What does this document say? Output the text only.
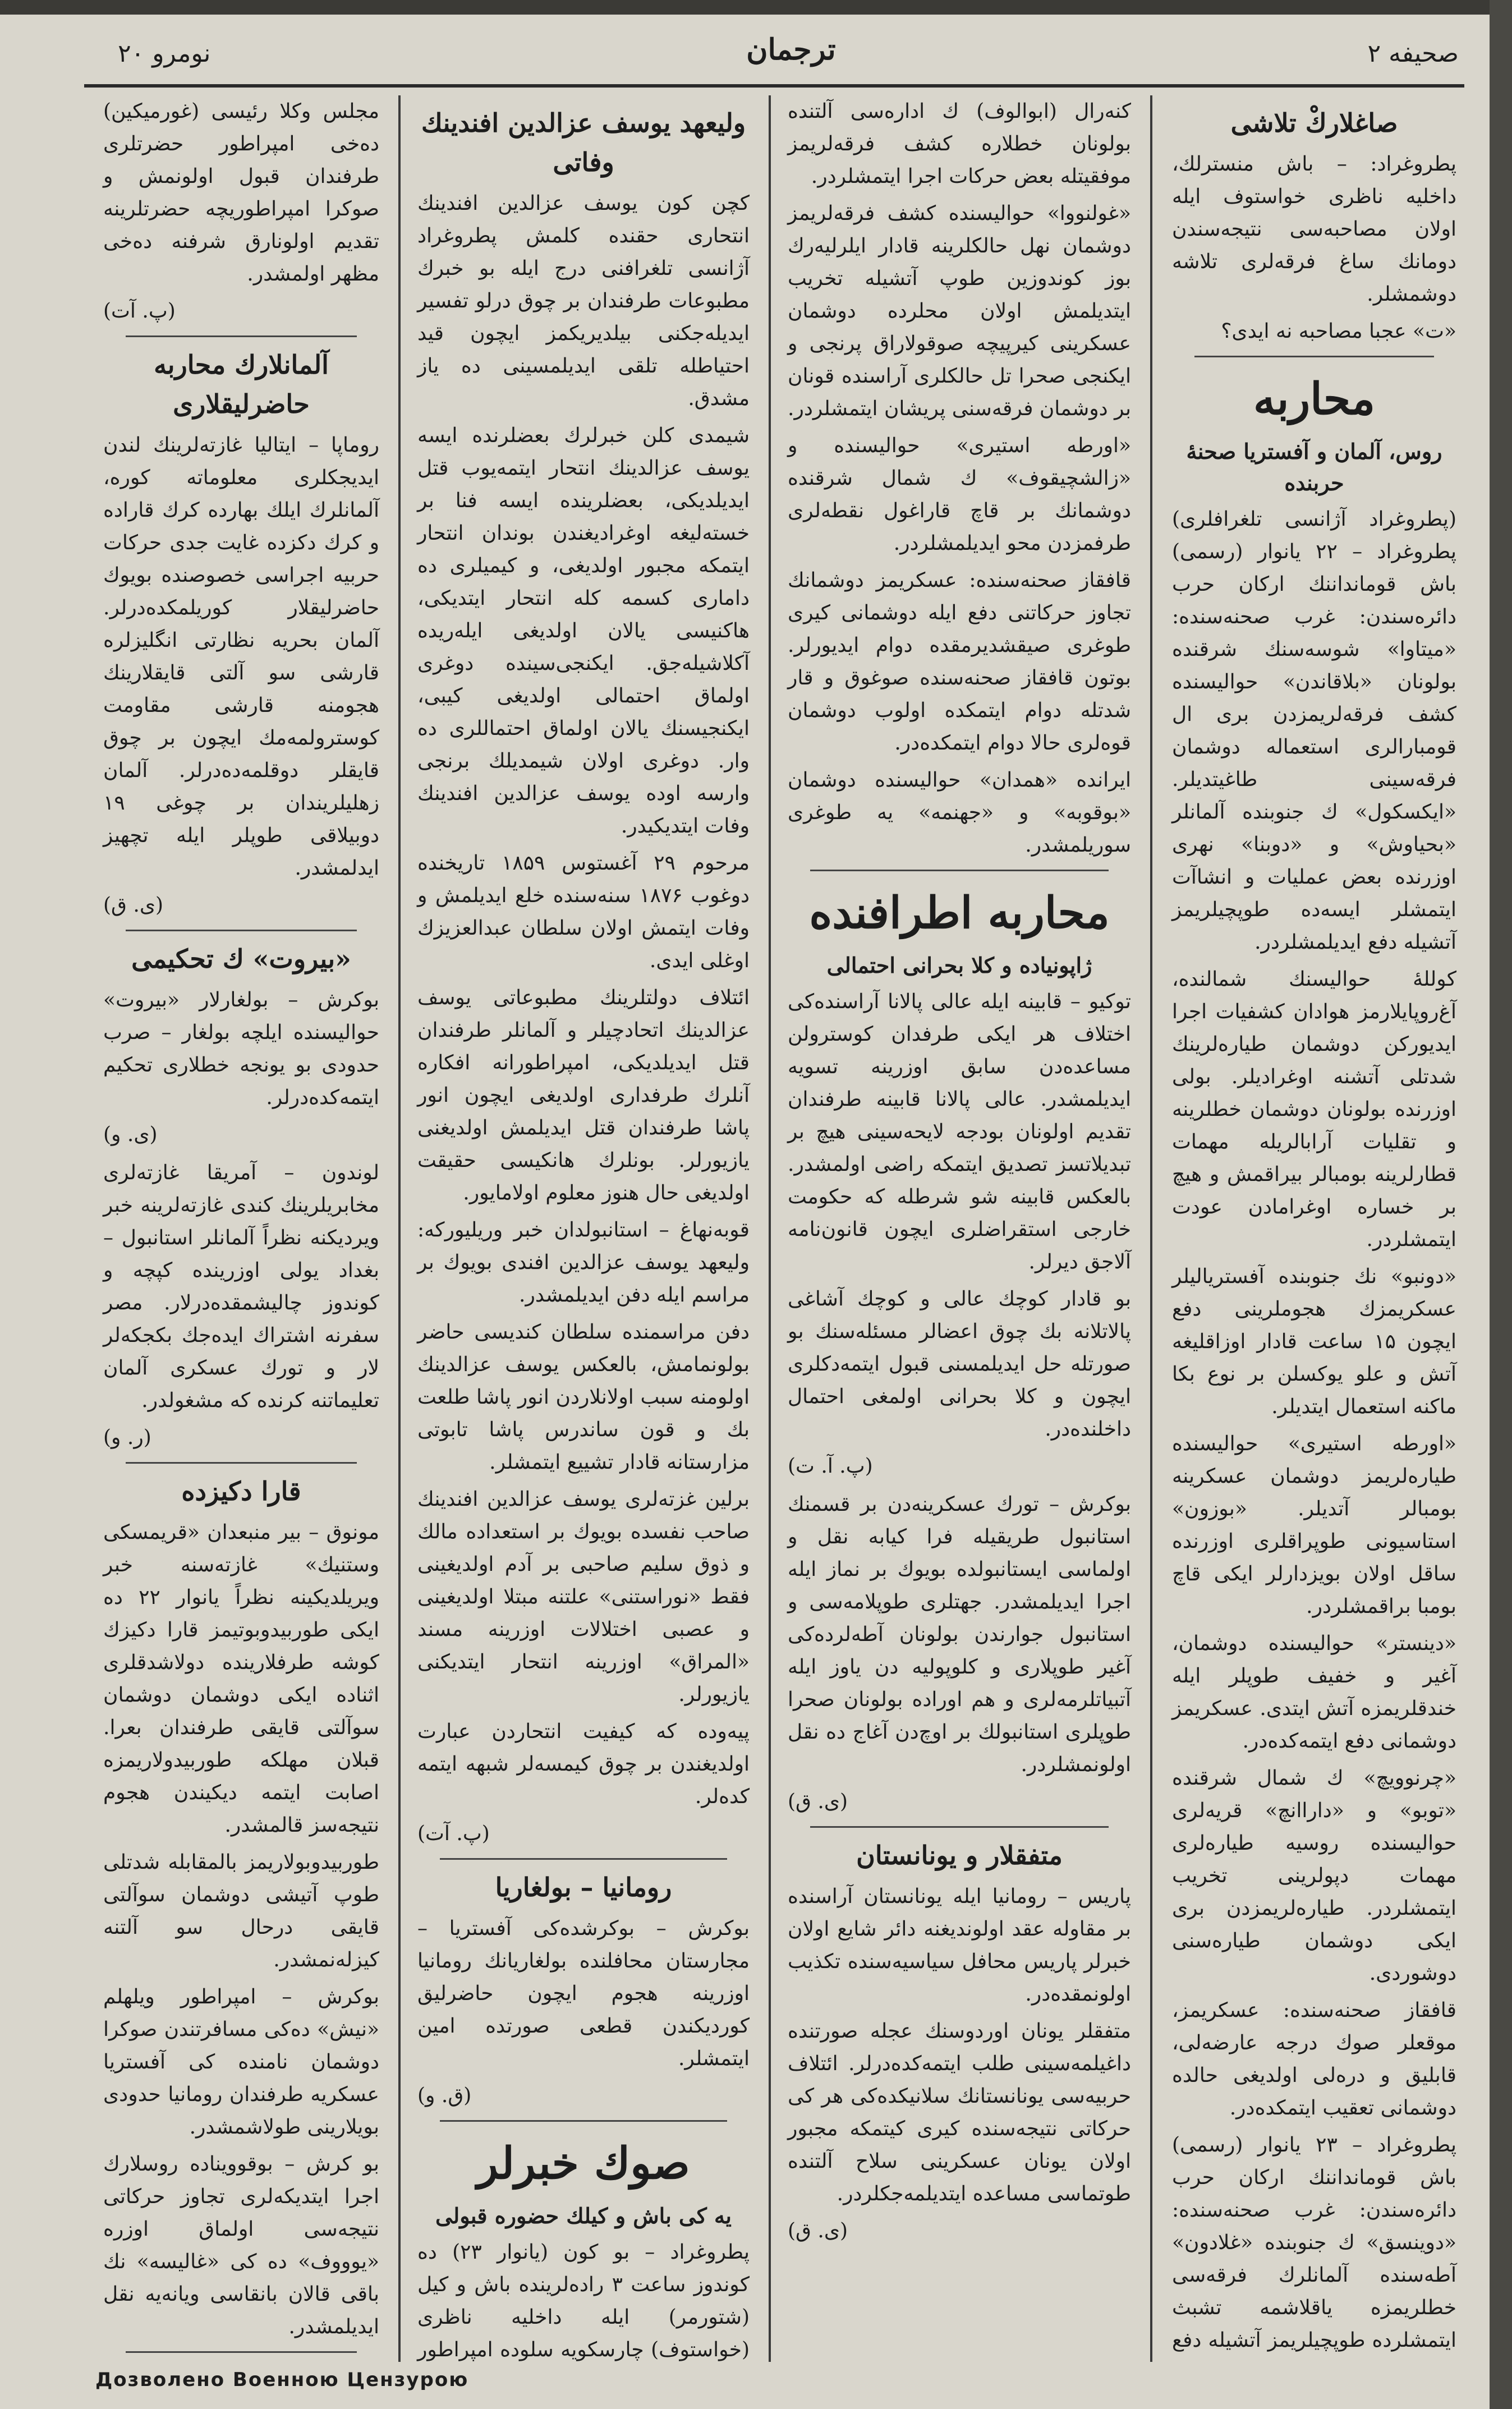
نومرو ۲۰	ترجمان	صحیفه ۲
صاغلاركْ تلاشی
پطروغراد: – باش منسترلك، داخلیه ناظری خواستوف ایله اولان مصاحبه‌سی نتیجه‌سندن دومانك ساغ فرقه‌لری تلاشه دوشمشلر.
«ت» عجبا مصاحبه نه ایدی؟
محاربه
روس، آلمان و آفستریا صحنهٔ حربنده
(پطروغراد آژانسی تلغرافلری) پطروغراد – ۲۲ یانوار (رسمی) باش قومانداننك ارکان حرب دائره‌سندن: غرب صحنه‌سنده: «میتاوا» شوسه‌سنك شرقنده بولونان «بلاقاندن» حوالیسنده کشف فرقه‌لریمزدن بری ال قومبارالری استعماله دوشمان فرقه‌سینی طاغیتدیلر. «ایکسکول» ك جنوبنده آلمانلر «بحیاوش» و «دوبنا» نهری اوزرنده بعض عملیات و انشاآت ایتمشلر ایسه‌ده طوپچیلریمز آتشیله دفع ایدیلمشلردر.
کوللهٔ حوالیسنك شمالنده، آغ‌روپایلارمز هوادان کشفیات اجرا ایدیورکن دوشمان طیاره‌لرینك شدتلی آتشنه اوغرادیلر. بولی اوزرنده بولونان دوشمان خطلرینه و تقلیات آرابالریله مهمات قطارلرینه بومبالر بیراقمش و هیچ بر خساره اوغرامادن عودت ایتمشلردر.
«دونبو» نك جنوبنده آفستریالیلر عسکریمزك هجوملرینی دفع ایچون ۱۵ ساعت قادار اوزاقلیغه آتش و علو یوکسلن بر نوع بکا ماکنه استعمال ایتدیلر.
«اورطه استیری» حوالیسنده طیاره‌لریمز دوشمان عسکرینه بومبالر آتدیلر. «بوزون» استاسیونی طوپراقلری اوزرنده ساقل اولان بویزدارلر ایکی قاچ بومبا براقمشلردر.
«دینستر» حوالیسنده دوشمان، آغیر و خفیف طوپلر ایله خندقلریمزه آتش ایتدی. عسکریمز دوشمانی دفع ایتمه‌کده‌در.
«چرنوویچ» ك شمال شرقنده «توبو» و «داراانچ» قریه‌لری حوالیسنده روسیه طیاره‌لری مهمات دپولرینی تخریب ایتمشلردر. طیاره‌لریمزدن بری ایکی دوشمان طیاره‌سنی دوشوردی.
قافقاز صحنه‌سنده: عسکریمز، موقعلر صوك درجه عارضه‌لی، قابلیق و دره‌لی اولدیغی حالده دوشمانی تعقیب ایتمکده‌در.
پطروغراد – ۲۳ یانوار (رسمی) باش قومانداننك ارکان حرب دائره‌سندن: غرب صحنه‌سنده: «دوینسق» ك جنوبنده «غلادون» آطه‌سنده آلمانلرك فرقه‌سی خطلریمزه یاقلاشمه تشبث ایتمشلرده طوپچیلریمز آتشیله دفع
کنه‌رال (ابوالوف) ك ادار‌ه‌سی آلتنده بولونان خطلاره کشف فرقه‌لریمز موفقیتله بعض حرکات اجرا ایتمشلردر.
«غولنووا» حوالیسنده کشف فرقه‌لریمز دوشمان نهل حالکلرینه قادار ایلرلیه‌رك بوز کوندوزین طوپ آتشیله تخریب ایتدیلمش اولان محلرده دوشمان عسکرینی کیرپیچه صوقولاراق پرنجی و ایکنجی صحرا تل حالکلری آراسنده قونان بر دوشمان فرقه‌سنی پریشان ایتمشلردر.
«اورطه استیری» حوالیسنده و «زالشچیقوف» ك شمال شرقنده دوشمانك بر قاچ قاراغول نقطه‌لری طرفمزدن محو ایدیلمشلردر.
قافقاز صحنه‌سنده: عسکریمز دوشمانك تجاوز حرکاتنی دفع ایله دوشمانی کیری طوغری صیقشدیرمقده دوام ایدیورلر. بوتون قافقاز صحنه‌سنده صوغوق و قار شدتله دوام ایتمکده اولوب دوشمان قوه‌لری حالا دوام ایتمکده‌در.
ایرانده «همدان» حوالیسنده دوشمان «بوقوبه» و «جهنمه» یه طوغری سوریلمشدر.
محاربه اطرافنده
ژاپونیاده و کلا بحرانی احتمالی
توکیو – قابینه ایله عالی پالانا آراسنده‌کی اختلاف هر ایکی طرفدان کوسترولن مساعده‌دن سابق اوزرینه تسویه ایدیلمشدر. عالی پالانا قابینه طرفندان تقدیم اولونان بودجه لایحه‌سینی هیچ بر تبدیلاتسز تصدیق ایتمکه راضی اولمشدر. بالعکس قابینه شو شرطله که حکومت خارجی استقراضلری ایچون قانون‌نامه آلاجق دیرلر.
بو قادار کوچك عالی و کوچك آشاغی پالاتلانه بك چوق اعضالر مسئله‌سنك بو صورتله حل ایدیلمسنی قبول ایتمه‌دکلری ایچون و کلا بحرانی اولمغی احتمال داخلنده‌در.
(پ. آ. ت)
بوکرش – تورك عسکرینه‌دن بر قسمنك استانبول طریقیله فرا کیابه نقل و اولماسی ایستانبولده بویوك بر نماز ایله اجرا ایدیلمشدر. جهتلری طوپلامه‌سی و استانبول جوارندن بولونان آطه‌لرده‌کی آغیر طوپلاری و کلوپولیه دن یاوز ایله آتبیاتلرمه‌لری و هم اوراده بولونان صحرا طوپلری استانبولك بر اوچ‌دن آغاج ده نقل اولونمشلردر.
(ی. ق)
متفقلار و یونانستان
پاریس – رومانیا ایله یونانستان آراسنده بر مقاوله عقد اولوندیغنه دائر شایع اولان خبرلر پاریس محافل سیاسیه‌سنده تکذیب اولونمقده‌در.
متفقلر یونان اوردوسنك عجله صورتنده داغیلمه‌سینی طلب ایتمه‌کده‌درلر. ائتلاف حربیه‌سی یونانستانك سلانیکده‌کی هر کی حرکاتی نتیجه‌سنده کیری کیتمکه مجبور اولان یونان عسکرینی سلاح آلتنده طوتماسی مساعده ایتدیلمه‌جکلردر.
(ی. ق)
ولیعهد یوسف عزالدین افندینك وفاتی
کچن کون یوسف عزالدین افندینك انتحاری حقنده کلمش پطروغراد آژانسی تلغرافنی درج ایله بو خبرك مطبوعات طرفندان بر چوق درلو تفسیر ایدیله‌جکنی بیلدیریکمز ایچون قید احتیاطله تلقی ایدیلمسینی ده یاز مشدق.
شیمدی کلن خبرلرك بعضلرنده ایسه یوسف عزالدینك انتحار ایتمه‌یوب قتل ایدیلدیکی، بعضلرینده ایسه فنا بر خسته‌لیغه اوغرادیغندن بوندان انتحار ایتمکه مجبور اولدیغی، و کیمیلری ده داماری کسمه کله انتحار ایتدیکی، هاکنیسی یالان اولدیغی ایله‌ریده آکلاشیله‌جق. ایکنجی‌سینده دوغری اولماق احتمالی اولدیغی کیبی، ایکنجیسنك یالان اولماق احتماللری ده وار. دوغری اولان شیمدیلك برنجی وارسه اوده یوسف عزالدین افندینك وفات ایتدیکیدر.
مرحوم ۲۹ آغستوس ۱۸۵۹ تاریخنده دوغوب ۱۸۷۶ سنه‌سنده خلع ایدیلمش و وفات ایتمش اولان سلطان عبدالعزیزك اوغلی ایدی.
ائتلاف دولتلرینك مطبوعاتی یوسف عزالدینك اتحادچیلر و آلمانلر طرفندان قتل ایدیلدیکی، امپراطورانه افکاره آنلرك طرفداری اولدیغی ایچون انور پاشا طرفندان قتل ایدیلمش اولدیغنی یازیورلر. بونلرك هانکیسی حقیقت اولدیغی حال هنوز معلوم اولامایور.
قوبه‌نهاغ – استانبولدان خبر وریلیورکه: ولیعهد یوسف عزالدین افندی بویوك بر مراسم ایله دفن ایدیلمشدر.
دفن مراسمنده سلطان کندیسی حاضر بولونمامش، بالعکس یوسف عزالدینك اولومنه سبب اولانلاردن انور پاشا طلعت بك و قون ساندرس پاشا تابوتی مزارستانه قادار تشییع ایتمشلر.
برلین غزته‌لری یوسف عزالدین افندینك صاحب نفسده بویوك بر استعداده مالك و ذوق سلیم صاحبی بر آدم اولدیغینی فقط «نوراستنی» علتنه مبتلا اولدیغینی و عصبی اختلالات اوزرینه مسند «المراق» اوزرینه انتحار ایتدیکنی یازیورلر.
پیه‌وده که کیفیت انتحاردن عبارت اولدیغندن بر چوق کیمسه‌لر شبهه ایتمه کده‌لر.
(پ. آت)
رومانیا – بولغاریا
بوکرش – بوکرشده‌کی آفستریا – مجارستان محافلنده بولغاریانك رومانیا اوزرینه هجوم ایچون حاضرلیق کوردیکندن قطعی صورتده امین ایتمشلر.
(ق. و)
صوك خبرلر
یه کی باش و کیلك حضوره قبولی
پطروغراد – بو کون (یانوار ۲۳) ده کوندوز ساعت ۳ راده‌لرینده باش و کیل (شتورمر) ایله داخلیه ناظری (خواستوف) چارسکویه سلوده امپراطور
مجلس وکلا رئیسی (غورمیکین) ده‌خی امپراطور حضرتلری طرفندان قبول اولونمش و صوکرا امپراطوریچه حضرتلرینه تقدیم اولونارق شرفنه ده‌خی مظهر اولمشدر.
(پ. آت)
آلمانلارك محاربه حاضرلیقلاری
روماپا – ایتالیا غازته‌لرینك لندن ایدیجکلری معلوماته کوره، آلمانلرك ایلك بهارده کرك قاراده و کرك دکزده غایت جدی حرکات حربیه اجراسی خصوصنده بویوك حاضرلیقلار کوریلمکده‌درلر. آلمان بحریه نظارتی انگلیزلره قارشی سو آلتی قایقلارینك هجومنه قارشی مقاومت کوسترولمه‌مك ایچون بر چوق قایقلر دوقلمه‌ده‌درلر. آلمان زهلیلریندان بر چوغی ۱۹ دوبیلاقی طوپلر ایله تچهیز ایدلمشدر.
(ی. ق)
«بیروت» ك تحکیمی
بوکرش – بولغارلار «بیروت» حوالیسنده ایلچه بولغار – صرب حدودی بو یونجه خطلاری تحکیم ایتمه‌کده‌درلر.
(ی. و)
لوندون – آمریقا غازته‌لری مخابریلرینك کندی غازته‌لرینه خبر ویردیکنه نظراً آلمانلر استانبول – بغداد یولی اوزرینده کپچه و کوندوز چالیشمقده‌درلار. مصر سفرنه اشتراك ایده‌جك بکجکه‌لر لار و تورك عسکری آلمان تعلیماتنه کرنده که مشغولدر.
(ر. و)
قارا دکیزده
مونوق – بیر منبعدان «قریمسکی وستنیك» غازته‌سنه خبر ویریلدیکینه نظراً یانوار ۲۲ ده ایکی طوربیدوبوتیمز قارا دکیزك کوشه طرفلارینده دولاشدقلری اثناده ایکی دوشمان دوشمان سوآلتی قایقی طرفندان بعرا. قبلان مهلکه طوربیدولاریمزه اصابت ایتمه دیکیندن هجوم نتیجه‌سز قالمشدر.
طوربیدوبولاریمز بالمقابله شدتلی طوپ آتیشی دوشمان سوآلتی قایقی درحال سو آلتنه کیزله‌نمشدر.
بوکرش – امپراطور ویلهلم «نیش» ده‌کی مسافرتندن صوکرا دوشمان نامنده کی آفستریا عسکریه طرفندان رومانیا حدودی بویلارینی طولاشمشدر.
بو کرش – بوقوویناده روسلارك اجرا ایتدیکه‌لری تجاوز حرکاتی نتیجه‌سی اولماق اوزره «یوووف» ده کی «غالیسه» نك باقی قالان بانقاسی ویانه‌یه نقل ایدیلمشدر.
Дозволено Военною Цензурою
